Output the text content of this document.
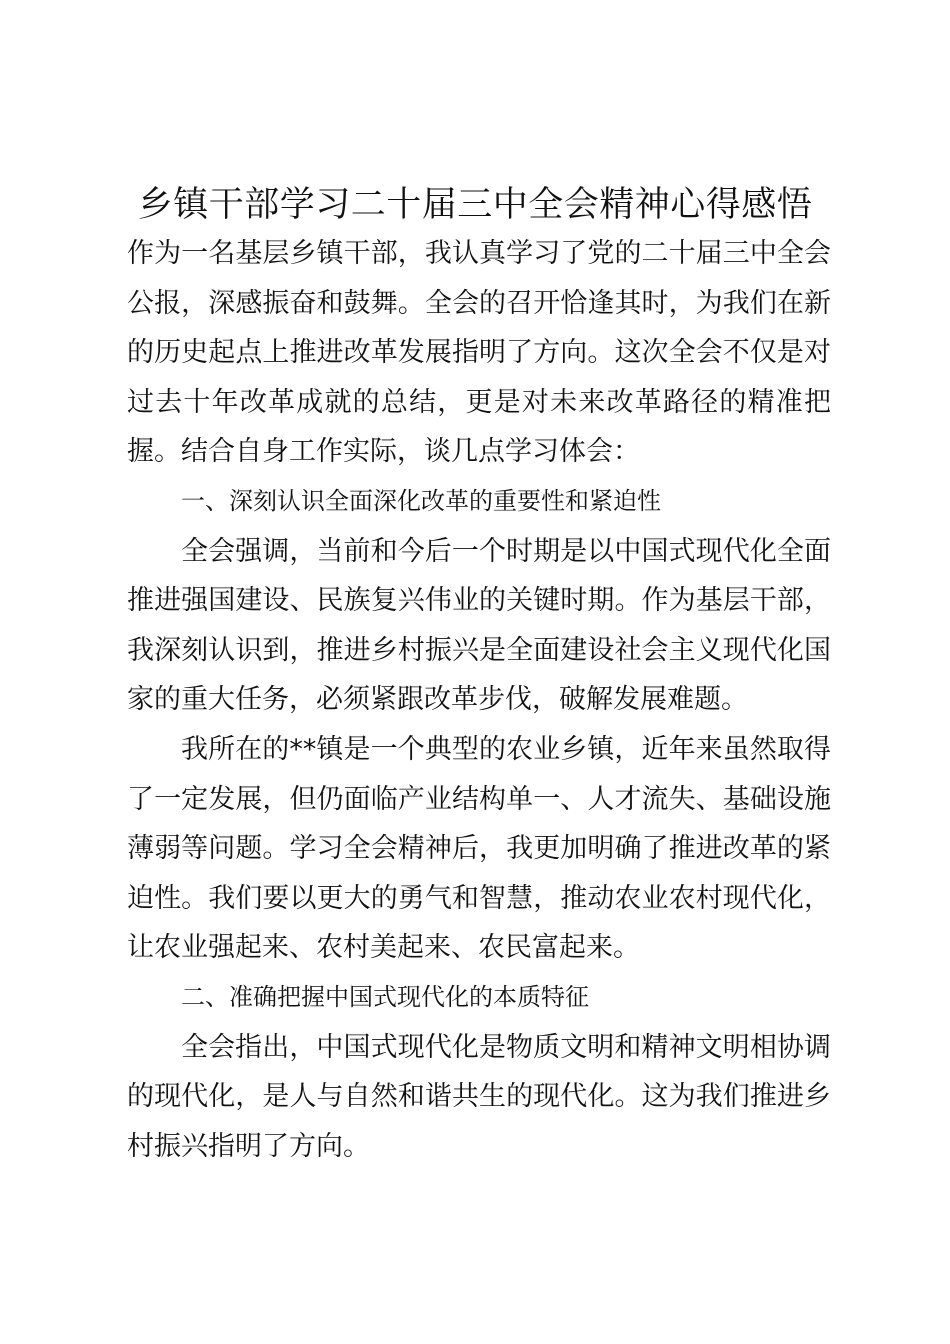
乡镇干部学习二十届三中全会精神心得感悟

作为一名基层乡镇干部，我认真学习了党的二十届三中全会公报，深感振奋和鼓舞。全会的召开恰逢其时，为我们在新的历史起点上推进改革发展指明了方向。这次全会不仅是对过去十年改革成就的总结，更是对未来改革路径的精准把握。结合自身工作实际，谈几点学习体会：

一、深刻认识全面深化改革的重要性和紧迫性

全会强调，当前和今后一个时期是以中国式现代化全面推进强国建设、民族复兴伟业的关键时期。作为基层干部，我深刻认识到，推进乡村振兴是全面建设社会主义现代化国家的重大任务，必须紧跟改革步伐，破解发展难题。

我所在的**镇是一个典型的农业乡镇，近年来虽然取得了一定发展，但仍面临产业结构单一、人才流失、基础设施薄弱等问题。学习全会精神后，我更加明确了推进改革的紧迫性。我们要以更大的勇气和智慧，推动农业农村现代化，让农业强起来、农村美起来、农民富起来。

二、准确把握中国式现代化的本质特征

全会指出，中国式现代化是物质文明和精神文明相协调的现代化，是人与自然和谐共生的现代化。这为我们推进乡村振兴指明了方向。
